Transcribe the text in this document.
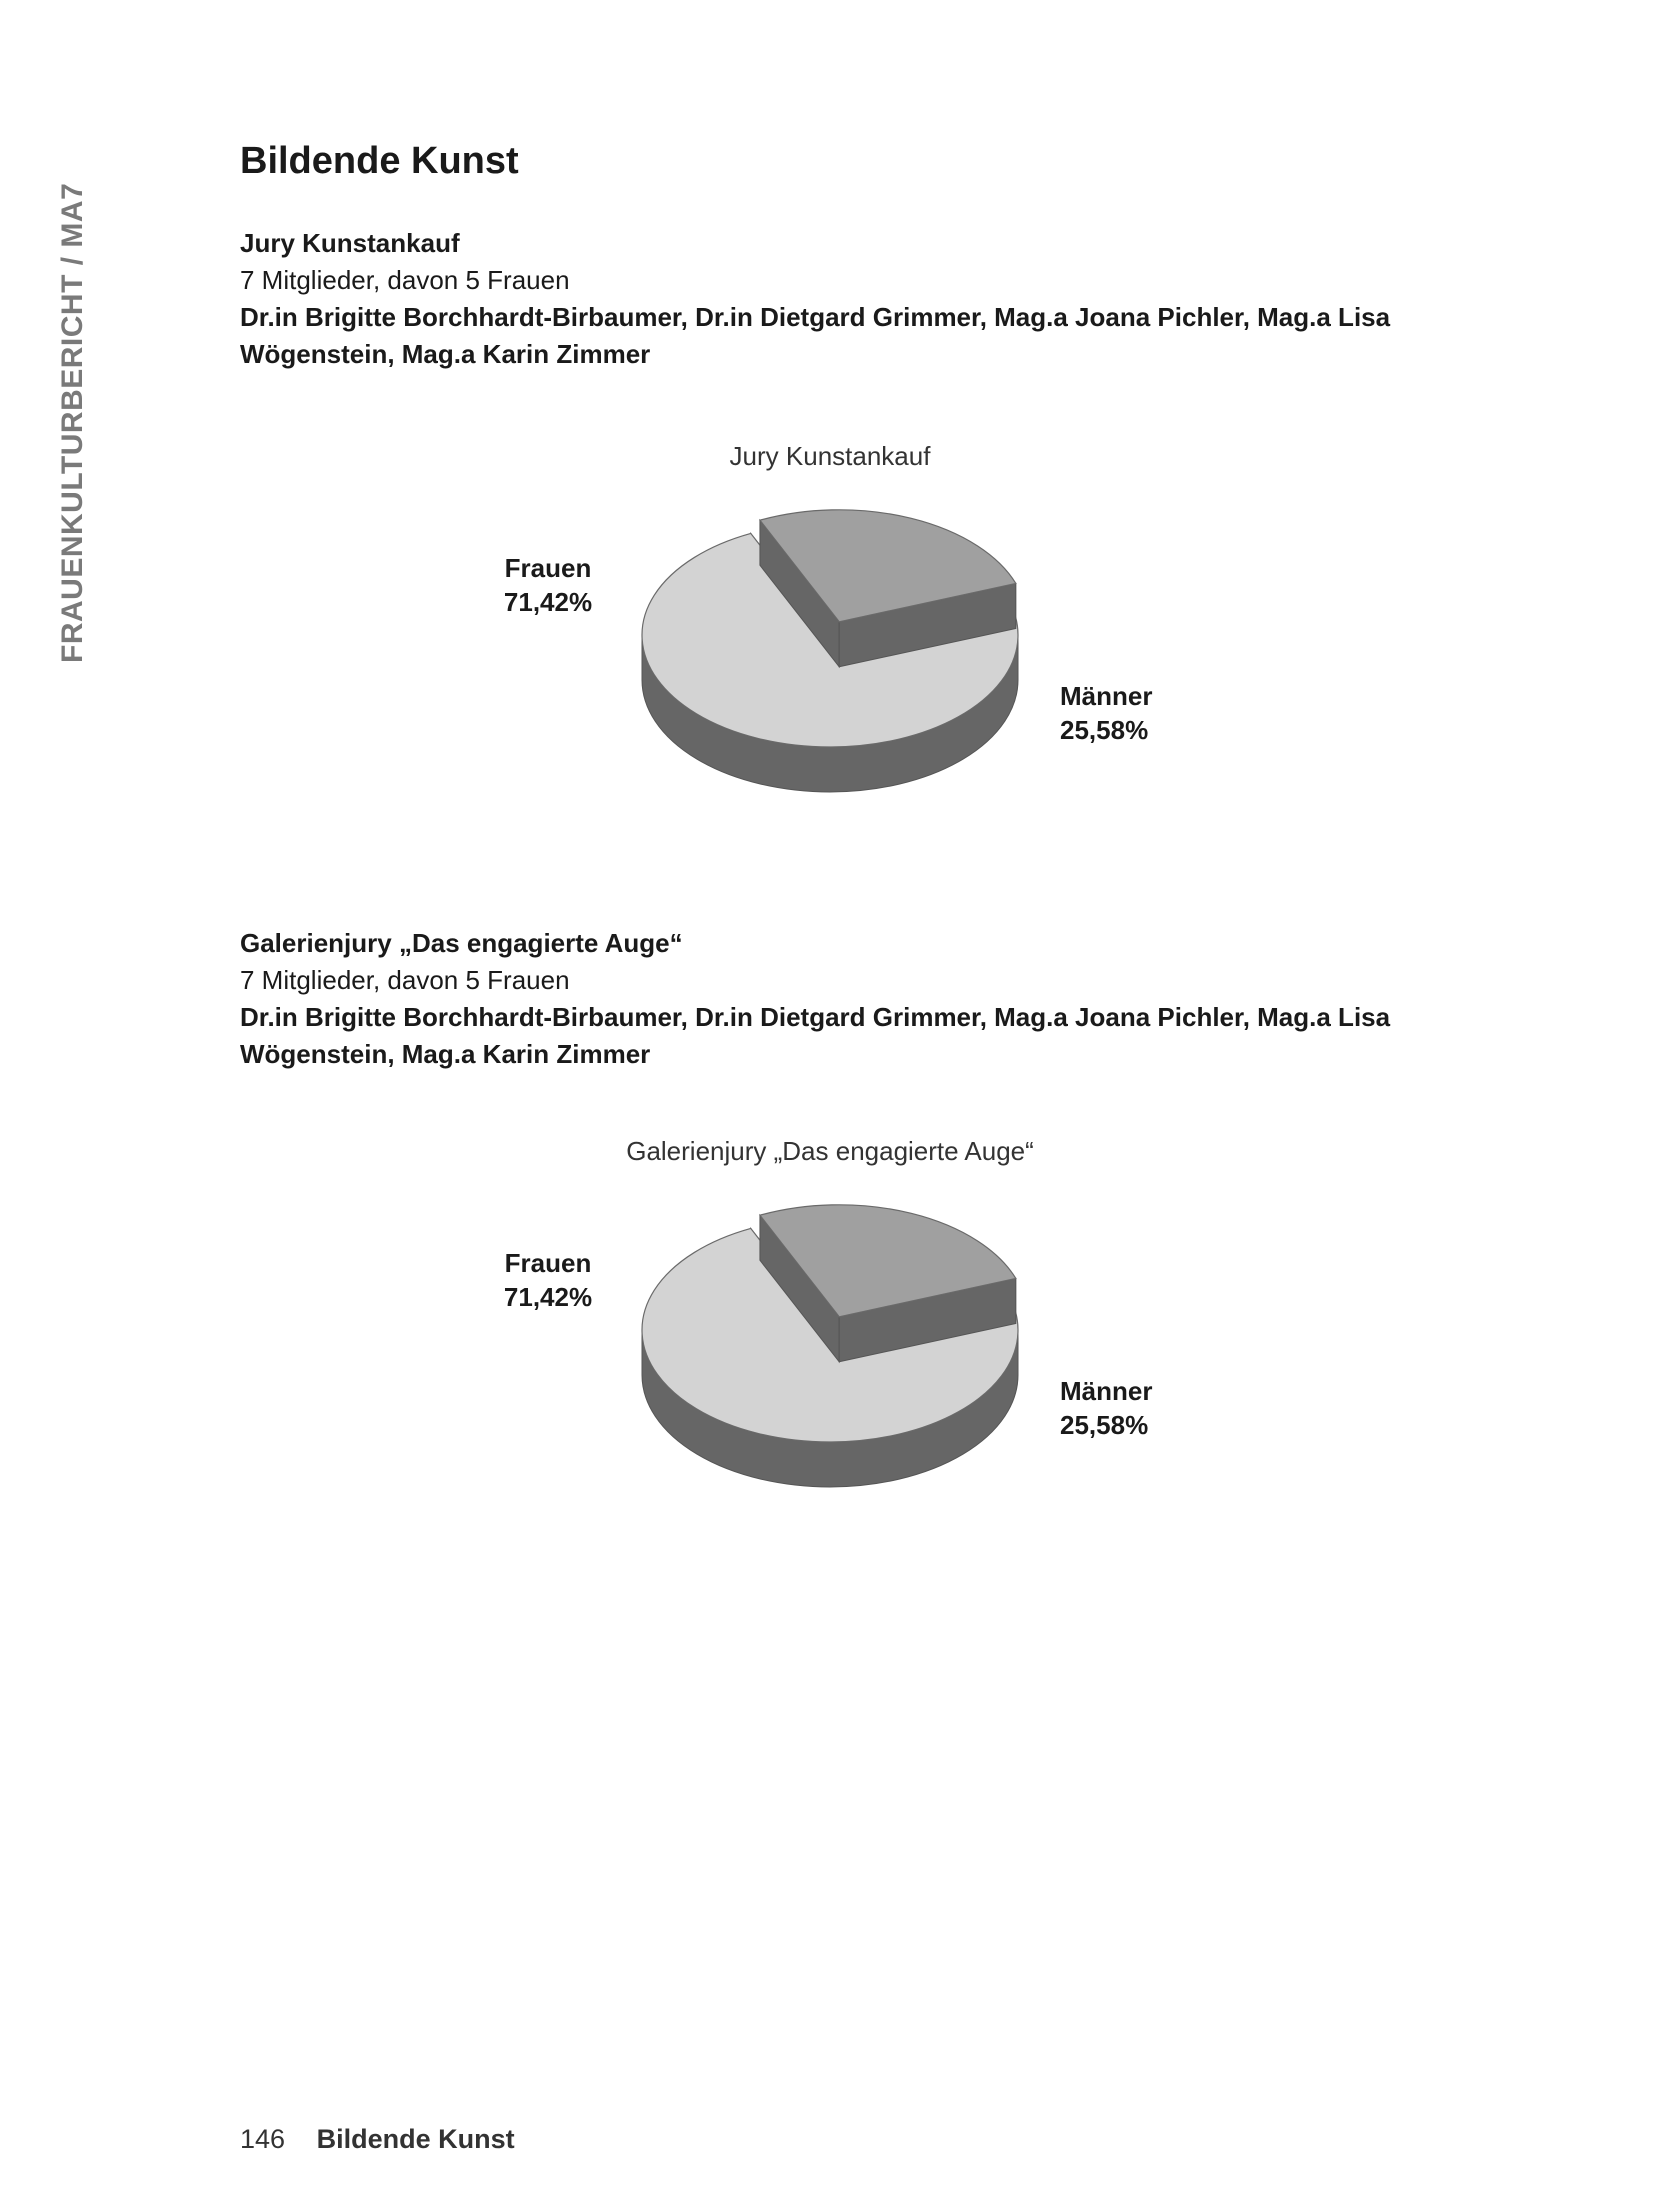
FRAUENKULTURBERICHT / MA7
Bildende Kunst
Jury Kunstankauf
7 Mitglieder, davon 5 Frauen
Dr.in Brigitte Borchhardt-Birbaumer, Dr.in Dietgard Grimmer, Mag.a Joana Pichler, Mag.a Lisa
Wögenstein, Mag.a Karin Zimmer
Jury Kunstankauf
Frauen 71,42%
Männer 25,58%
Galerienjury „Das engagierte Auge“
7 Mitglieder, davon 5 Frauen
Dr.in Brigitte Borchhardt-Birbaumer, Dr.in Dietgard Grimmer, Mag.a Joana Pichler, Mag.a Lisa
Wögenstein, Mag.a Karin Zimmer
Galerienjury „Das engagierte Auge“
Frauen 71,42%
Männer 25,58%
146 Bildende Kunst
